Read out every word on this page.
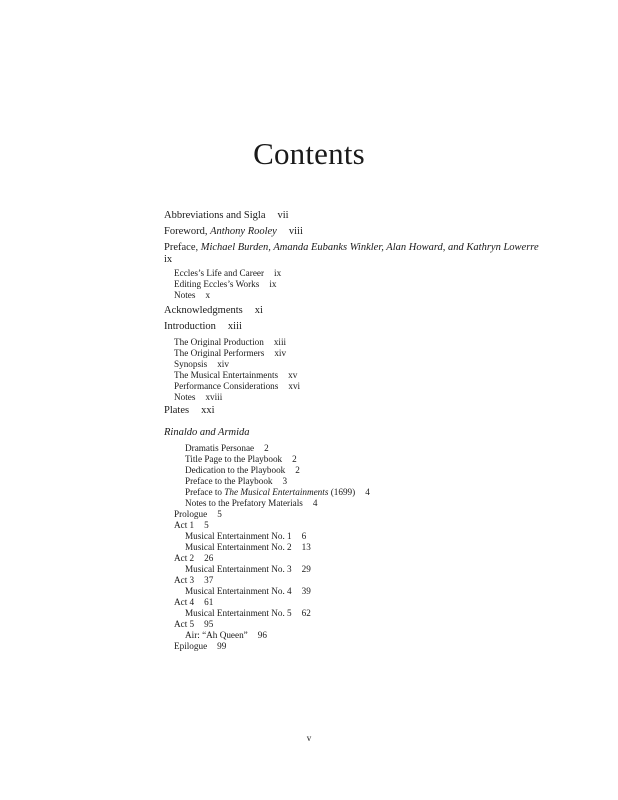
Contents
Abbreviations and Sigla vii
Foreword, Anthony Rooley viii
Preface, Michael Burden, Amanda Eubanks Winkler, Alan Howard, and Kathryn Lowerre
ix
Eccles’s Life and Career ix
Editing Eccles’s Works ix
Notes x
Acknowledgments xi
Introduction xiii
The Original Production xiii
The Original Performers xiv
Synopsis xiv
The Musical Entertainments xv
Performance Considerations xvi
Notes xviii
Plates xxi
Rinaldo and Armida
Dramatis Personae 2
Title Page to the Playbook 2
Dedication to the Playbook 2
Preface to the Playbook 3
Preface to The Musical Entertainments (1699) 4
Notes to the Prefatory Materials 4
Prologue 5
Act 1 5
Musical Entertainment No. 1 6
Musical Entertainment No. 2 13
Act 2 26
Musical Entertainment No. 3 29
Act 3 37
Musical Entertainment No. 4 39
Act 4 61
Musical Entertainment No. 5 62
Act 5 95
Air: “Ah Queen” 96
Epilogue 99
v
